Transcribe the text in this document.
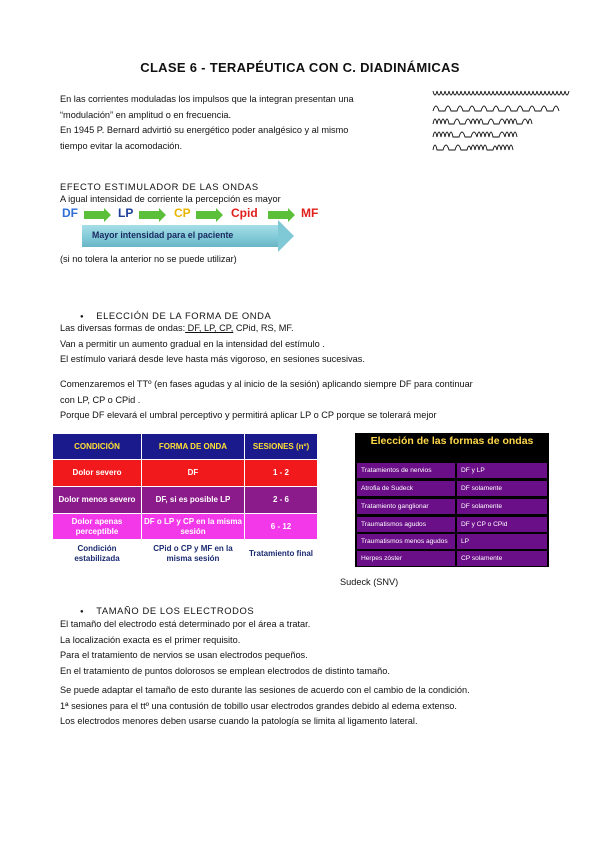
CLASE 6 - TERAPÉUTICA CON C. DIADINÁMICAS
En las corrientes moduladas los impulsos que la integran presentan una
“modulación” en amplitud o en frecuencia.
En 1945 P. Bernard advirtió su energético poder analgésico y al mismo
tiempo evitar la acomodación.
EFECTO ESTIMULADOR DE LAS ONDAS
A igual intensidad de corriente la percepción es mayor
DF	LP	CP	Cpid	MF
Mayor intensidad para el paciente
(si no tolera la anterior no se puede utilizar)
● ELECCIÓN DE LA FORMA DE ONDA
Las diversas formas de ondas: DF, LP, CP, CPid, RS, MF.
Van a permitir un aumento gradual en la intensidad del estímulo .
El estímulo variará desde leve hasta más vigoroso, en sesiones sucesivas.
Comenzaremos el TTº (en fases agudas y al inicio de la sesión) aplicando siempre DF para continuar
con LP, CP o CPid .
Porque DF elevará el umbral perceptivo y permitirá aplicar LP o CP porque se tolerará mejor
CONDICIÓN	FORMA DE ONDA	SESIONES (nº)
Dolor severo	DF	1 - 2
Dolor menos severo	DF, si es posible LP	2 - 6
Dolor apenas perceptible	DF o LP y CP en la misma sesión	6 - 12
Condición estabilizada	CPid o CP y MF en la misma sesión	Tratamiento final
Elección de las formas de ondas
Tratamientos de nervios	DF y LP
Atrofia de Sudeck	DF solamente
Tratamiento ganglionar	DF solamente
Traumatismos agudos	DF y CP o CPid
Traumatismos menos agudos	LP
Herpes zóster	CP solamente
Sudeck (SNV)
● TAMAÑO DE LOS ELECTRODOS
El tamaño del electrodo está determinado por el área a tratar.
La localización exacta es el primer requisito.
Para el tratamiento de nervios se usan electrodos pequeños.
En el tratamiento de puntos dolorosos se emplean electrodos de distinto tamaño.
Se puede adaptar el tamaño de esto durante las sesiones de acuerdo con el cambio de la condición.
1ª sesiones para el ttº una contusión de tobillo usar electrodos grandes debido al edema extenso.
Los electrodos menores deben usarse cuando la patología se limita al ligamento lateral.
